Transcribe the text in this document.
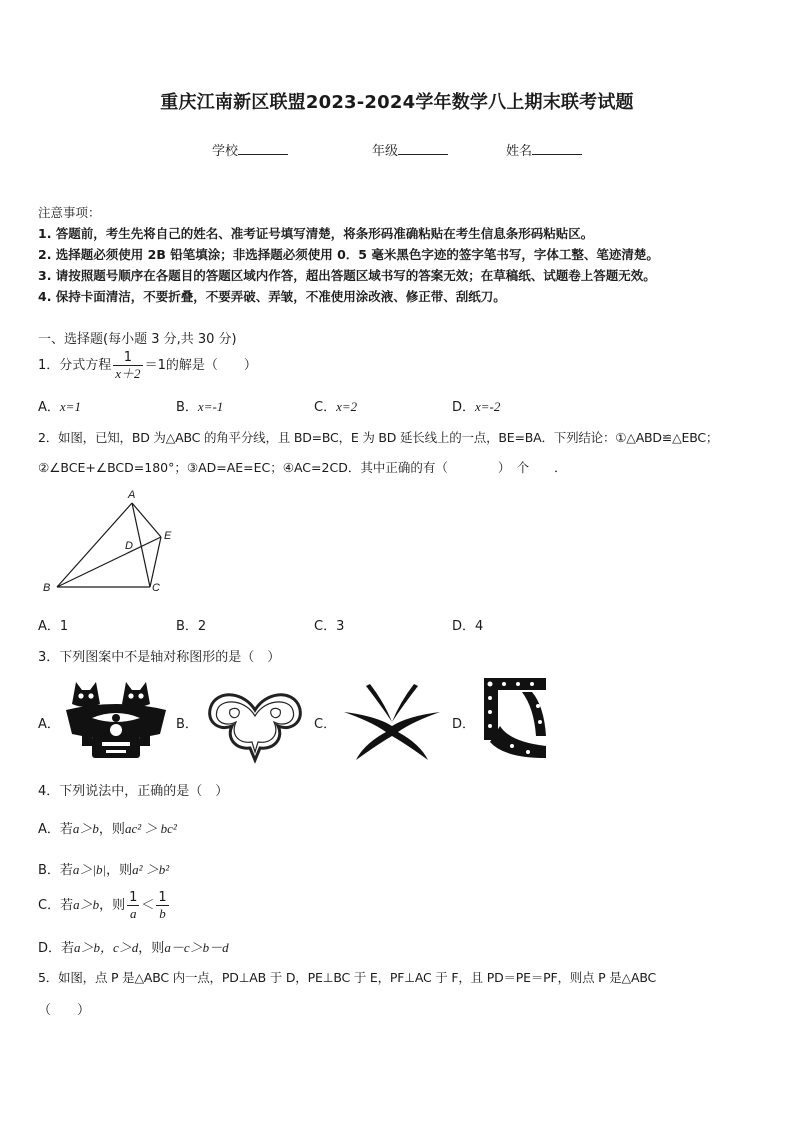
重庆江南新区联盟2023-2024学年数学八上期末联考试题
学校	年级	姓名
注意事项：
1. 答题前，考生先将自己的姓名、准考证号填写清楚，将条形码准确粘贴在考生信息条形码粘贴区。
2. 选择题必须使用 2B 铅笔填涂；非选择题必须使用 0．5 毫米黑色字迹的签字笔书写，字体工整、笔迹清楚。
3. 请按照题号顺序在各题目的答题区域内作答，超出答题区域书写的答案无效；在草稿纸、试题卷上答题无效。
4. 保持卡面清洁，不要折叠，不要弄破、弄皱，不准使用涂改液、修正带、刮纸刀。
一、选择题(每小题 3 分,共 30 分)
1．分式方程 $\frac{1}{x+2} =1$的解是（　　）
A．x=1	B．x=-1	C．x=2	D．x=-2
2．如图，已知，BD 为△ABC 的角平分线，且 BD=BC，E 为 BD 延长线上的一点，BE=BA．下列结论：①△ABD≌△EBC；
②∠BCE+∠BCD=180°；③AD=AE=EC；④AC=2CD．其中正确的有（　　　　）　个　　．
A
B	C
D
E
A．1	B．2	C．3	D．4
3．下列图案中不是轴对称图形的是（　）
A．	B．	C．	D．
4．下列说法中，正确的是（　）
A．若a＞b，则ac² ＞ bc²
B．若a＞|b|，则a² ＞b²
C．若a＞b，则 $\frac{1}{a} < \frac{1}{b}$
D．若a＞b，c＞d，则a－c＞b－d
5．如图，点 P 是△ABC 内一点，PD⊥AB 于 D，PE⊥BC 于 E，PF⊥AC 于 F，且 PD＝PE＝PF，则点 P 是△ABC
（　　）
